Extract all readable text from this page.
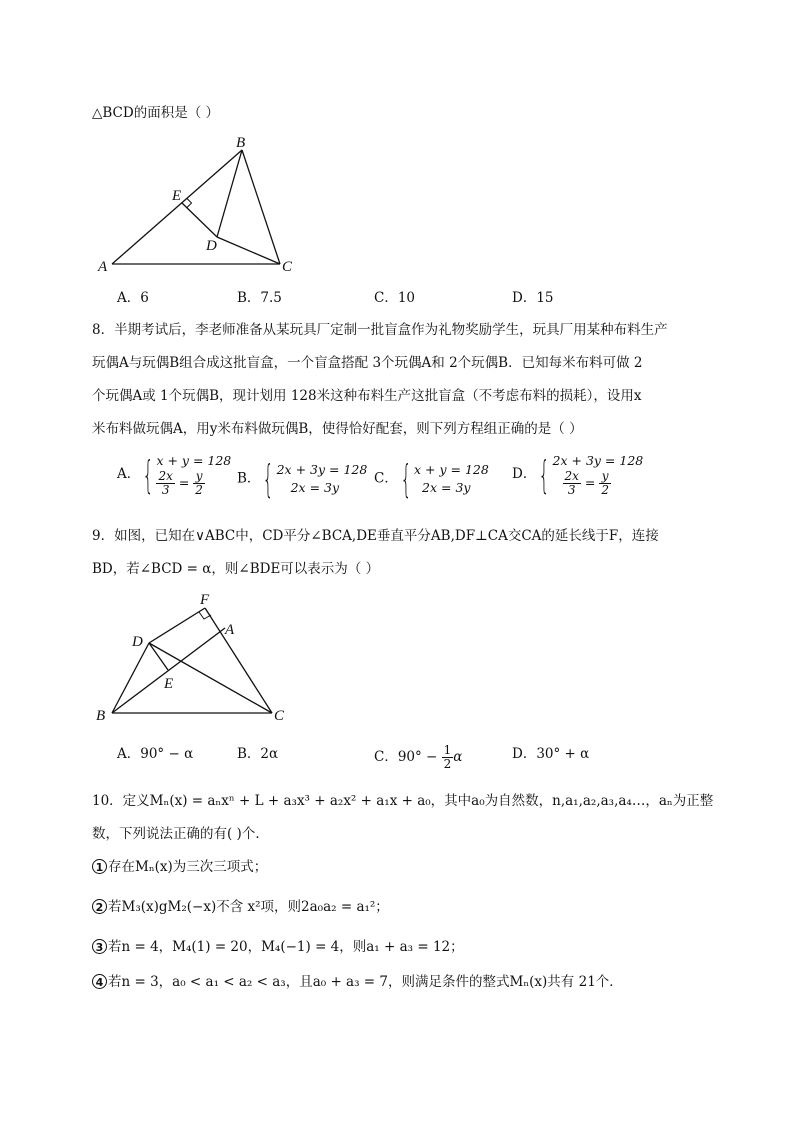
△BCD的面积是（ ）
A
B
C
D
E
A．6	B．7.5	C．10	D．15
8．半期考试后，李老师准备从某玩具厂定制一批盲盒作为礼物奖励学生，玩具厂用某种布料生产
玩偶A与玩偶B组合成这批盲盒，一个盲盒搭配 3个玩偶A和 2个玩偶B．已知每米布料可做 2
个玩偶A或 1个玩偶B，现计划用 128米这种布料生产这批盲盒（不考虑布料的损耗），设用x
米布料做玩偶A，用y米布料做玩偶B，使得恰好配套，则下列方程组正确的是（ ）
A．{ x + y = 128
$\frac{2x}{3} = \frac{y}{2}$ B．{ 2x + 3y = 128
2x = 3y
C．{ x + y = 128
2x = 3y
D．{ 2x + 3y = 128
$\frac{2x}{3} = \frac{y}{2}$
9．如图，已知在∨ABC中，CD平分∠BCA,DE垂直平分AB,DF⊥CA交CA的延长线于F，连接
BD，若∠BCD = α，则∠BDE可以表示为（ ）
F
D
A
E
B	C
A．90° − α	B．2α	C．$90^\circ - \frac{1}{2}$ α	D．30° + α
10．定义Mₙ(x) = aₙxⁿ + L + a₃x³ + a₂x² + a₁x + a₀，其中a₀为自然数，n,a₁,a₂,a₃,a₄…，aₙ为正整
数，下列说法正确的有( )个．
1 存在Mₙ(x)为三次三项式；
2 若M₃(x)gM₂(−x)不含 x²项，则2a₀a₂ = a₁²；
3 若n = 4，M₄(1) = 20，M₄(−1) = 4，则a₁ + a₃ = 12；
4 若n = 3，a₀ < a₁ < a₂ < a₃，且a₀ + a₃ = 7，则满足条件的整式Mₙ(x)共有 21个．
